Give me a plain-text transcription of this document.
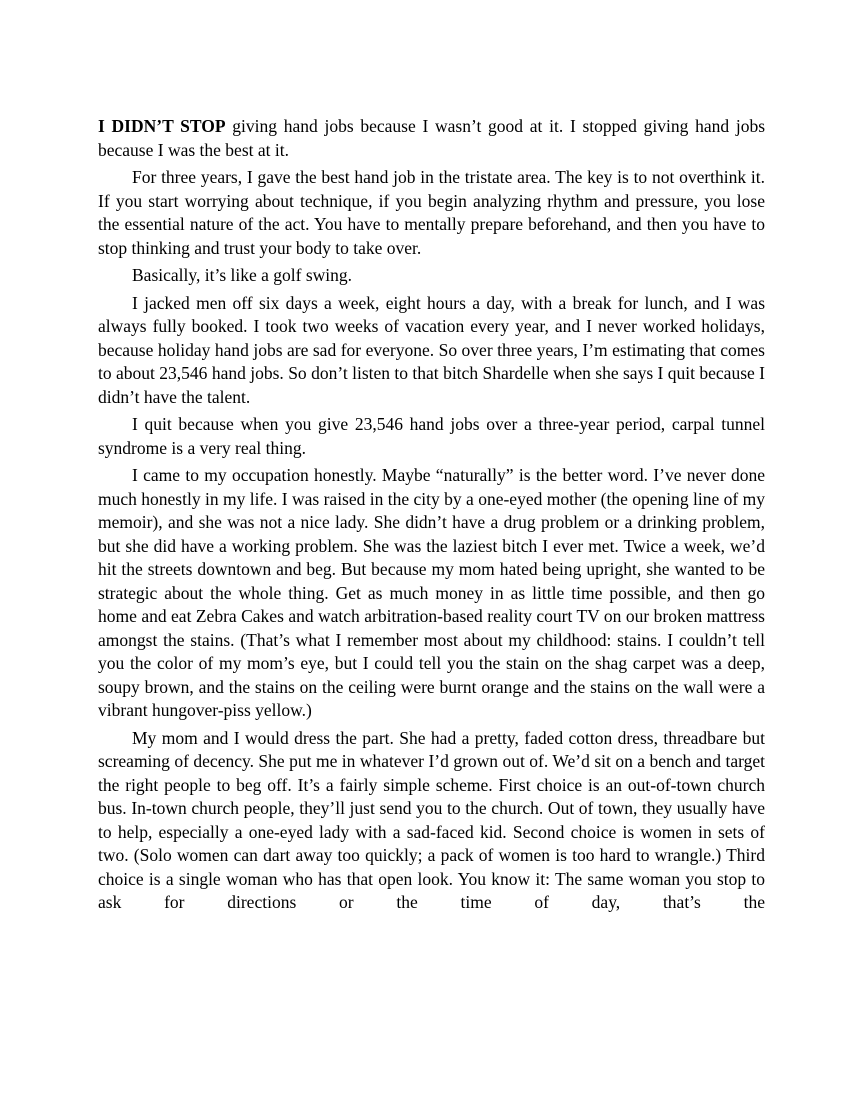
I DIDN’T STOP giving hand jobs because I wasn’t good at it. I stopped giving hand jobs because I was the best at it.

For three years, I gave the best hand job in the tristate area. The key is to not overthink it. If you start worrying about technique, if you begin analyzing rhythm and pressure, you lose the essential nature of the act. You have to mentally prepare beforehand, and then you have to stop thinking and trust your body to take over.

Basically, it’s like a golf swing.

I jacked men off six days a week, eight hours a day, with a break for lunch, and I was always fully booked. I took two weeks of vacation every year, and I never worked holidays, because holiday hand jobs are sad for everyone. So over three years, I’m estimating that comes to about 23,546 hand jobs. So don’t listen to that bitch Shardelle when she says I quit because I didn’t have the talent.

I quit because when you give 23,546 hand jobs over a three-year period, carpal tunnel syndrome is a very real thing.

I came to my occupation honestly. Maybe “naturally” is the better word. I’ve never done much honestly in my life. I was raised in the city by a one-eyed mother (the opening line of my memoir), and she was not a nice lady. She didn’t have a drug problem or a drinking problem, but she did have a working problem. She was the laziest bitch I ever met. Twice a week, we’d hit the streets downtown and beg. But because my mom hated being upright, she wanted to be strategic about the whole thing. Get as much money in as little time possible, and then go home and eat Zebra Cakes and watch arbitration-based reality court TV on our broken mattress amongst the stains. (That’s what I remember most about my childhood: stains. I couldn’t tell you the color of my mom’s eye, but I could tell you the stain on the shag carpet was a deep, soupy brown, and the stains on the ceiling were burnt orange and the stains on the wall were a vibrant hungover-piss yellow.)

My mom and I would dress the part. She had a pretty, faded cotton dress, threadbare but screaming of decency. She put me in whatever I’d grown out of. We’d sit on a bench and target the right people to beg off. It’s a fairly simple scheme. First choice is an out-of-town church bus. In-town church people, they’ll just send you to the church. Out of town, they usually have to help, especially a one-eyed lady with a sad-faced kid. Second choice is women in sets of two. (Solo women can dart away too quickly; a pack of women is too hard to wrangle.) Third choice is a single woman who has that open look. You know it: The same woman you stop to ask for directions or the time of day, that’s the
